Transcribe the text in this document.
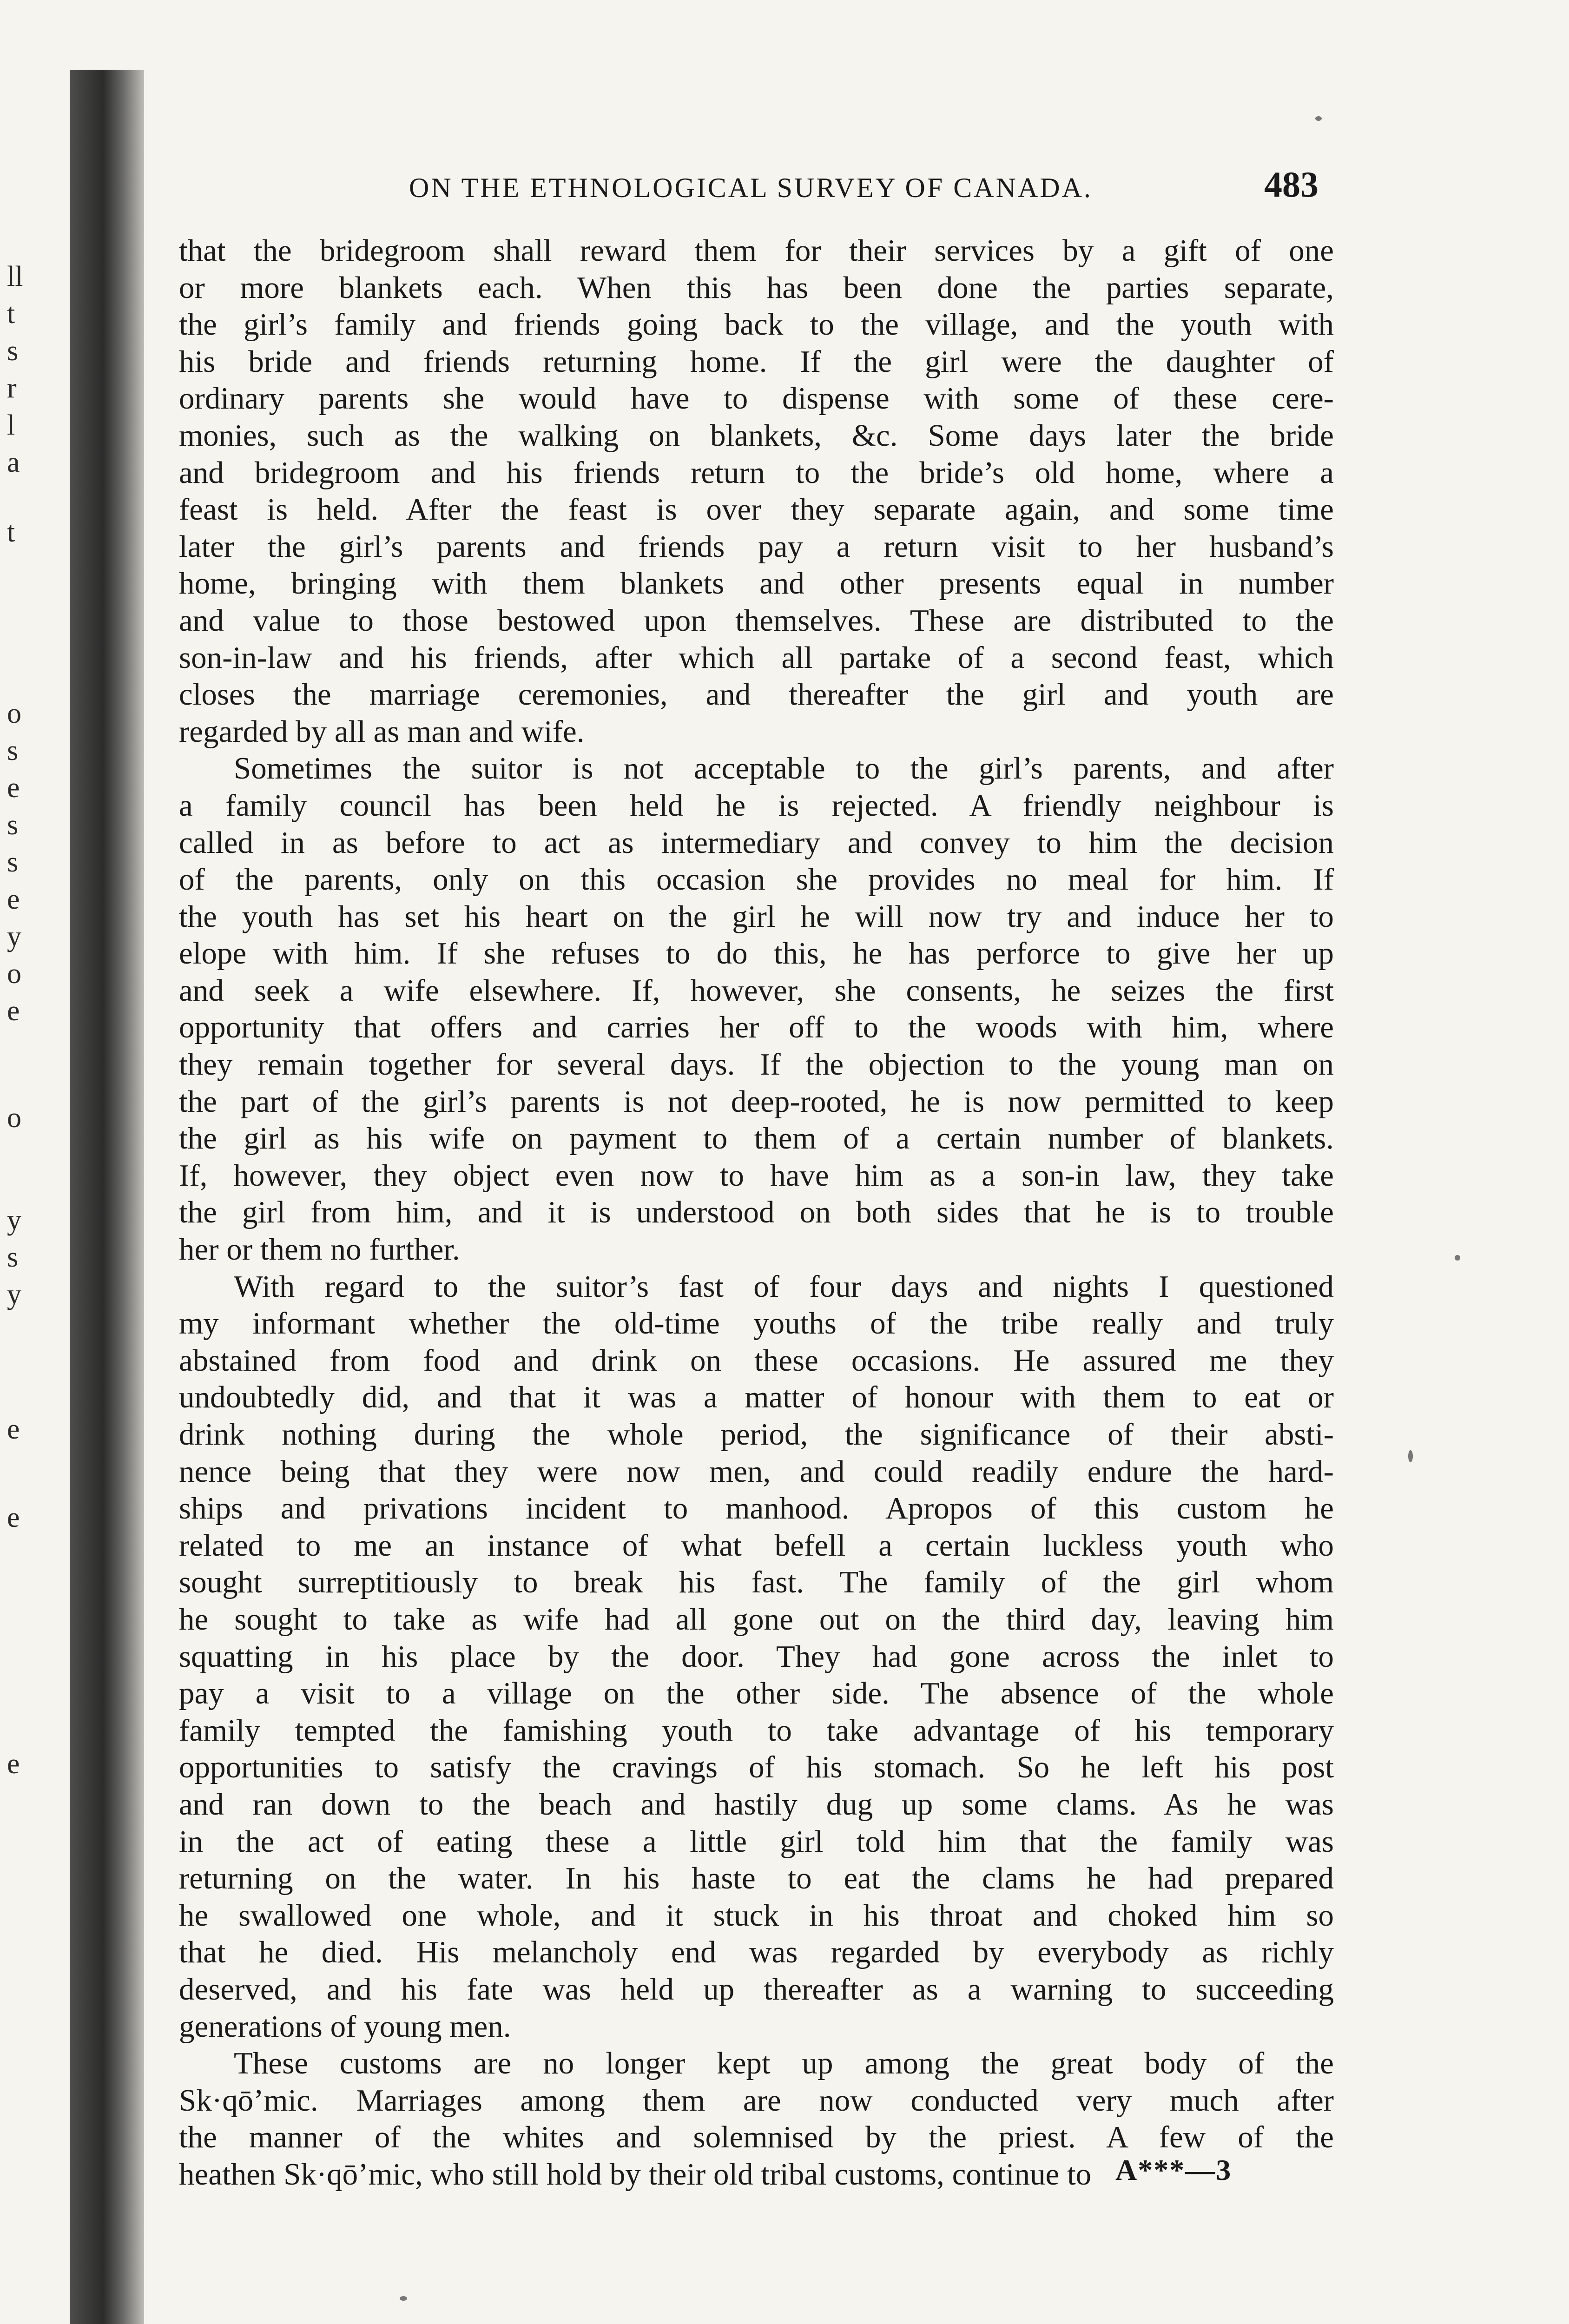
ll
t
s
r
l
a
t
o
s
e
s
s
e
y
o
e
o
y
s
y
e
e
e
ON THE ETHNOLOGICAL SURVEY OF CANADA.	483
that the bridegroom shall reward them for their services by a gift of one
or more blankets each. When this has been done the parties separate,
the girl’s family and friends going back to the village, and the youth with
his bride and friends returning home. If the girl were the daughter of
ordinary parents she would have to dispense with some of these cere-
monies, such as the walking on blankets, &c. Some days later the bride
and bridegroom and his friends return to the bride’s old home, where a
feast is held. After the feast is over they separate again, and some time
later the girl’s parents and friends pay a return visit to her husband’s
home, bringing with them blankets and other presents equal in number
and value to those bestowed upon themselves. These are distributed to the
son-in-law and his friends, after which all partake of a second feast, which
closes the marriage ceremonies, and thereafter the girl and youth are
regarded by all as man and wife.
Sometimes the suitor is not acceptable to the girl’s parents, and after
a family council has been held he is rejected. A friendly neighbour is
called in as before to act as intermediary and convey to him the decision
of the parents, only on this occasion she provides no meal for him. If
the youth has set his heart on the girl he will now try and induce her to
elope with him. If she refuses to do this, he has perforce to give her up
and seek a wife elsewhere. If, however, she consents, he seizes the first
opportunity that offers and carries her off to the woods with him, where
they remain together for several days. If the objection to the young man on
the part of the girl’s parents is not deep-rooted, he is now permitted to keep
the girl as his wife on payment to them of a certain number of blankets.
If, however, they object even now to have him as a son-in law, they take
the girl from him, and it is understood on both sides that he is to trouble
her or them no further.
With regard to the suitor’s fast of four days and nights I questioned
my informant whether the old-time youths of the tribe really and truly
abstained from food and drink on these occasions. He assured me they
undoubtedly did, and that it was a matter of honour with them to eat or
drink nothing during the whole period, the significance of their absti-
nence being that they were now men, and could readily endure the hard-
ships and privations incident to manhood. Apropos of this custom he
related to me an instance of what befell a certain luckless youth who
sought surreptitiously to break his fast. The family of the girl whom
he sought to take as wife had all gone out on the third day, leaving him
squatting in his place by the door. They had gone across the inlet to
pay a visit to a village on the other side. The absence of the whole
family tempted the famishing youth to take advantage of his temporary
opportunities to satisfy the cravings of his stomach. So he left his post
and ran down to the beach and hastily dug up some clams. As he was
in the act of eating these a little girl told him that the family was
returning on the water. In his haste to eat the clams he had prepared
he swallowed one whole, and it stuck in his throat and choked him so
that he died. His melancholy end was regarded by everybody as richly
deserved, and his fate was held up thereafter as a warning to succeeding
generations of young men.
These customs are no longer kept up among the great body of the
Sk·qō’mic. Marriages among them are now conducted very much after
the manner of the whites and solemnised by the priest. A few of the
heathen Sk·qō’mic, who still hold by their old tribal customs, continue to A***—3
